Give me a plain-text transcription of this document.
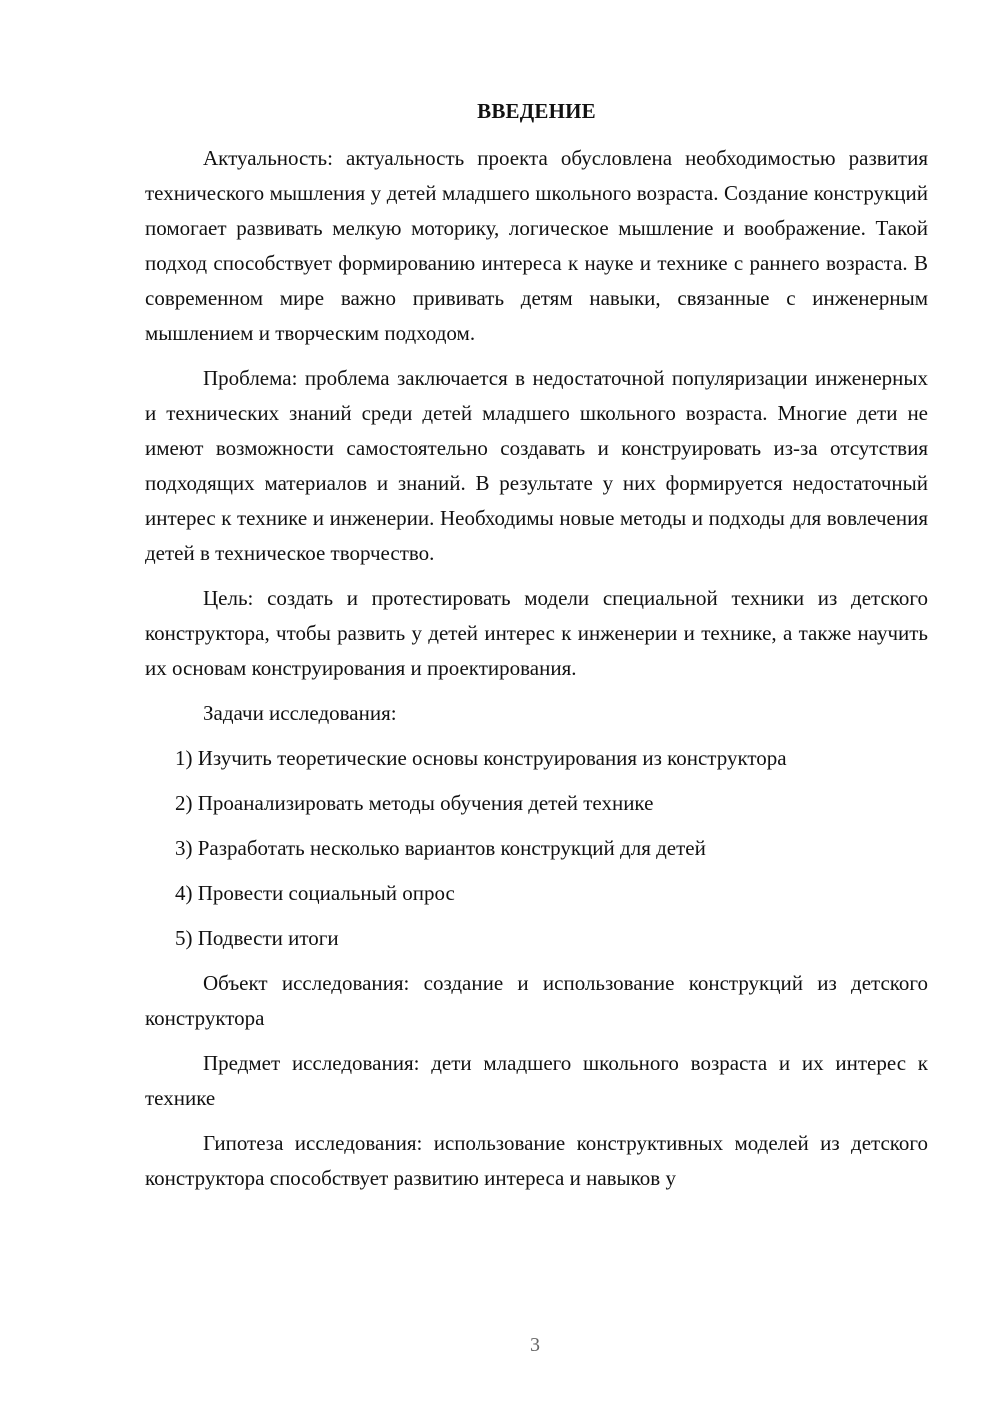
ВВЕДЕНИЕ

Актуальность: актуальность проекта обусловлена необходимостью развития технического мышления у детей младшего школьного возраста. Создание конструкций помогает развивать мелкую моторику, логическое мышление и воображение. Такой подход способствует формированию интереса к науке и технике с раннего возраста. В современном мире важно прививать детям навыки, связанные с инженерным мышлением и творческим подходом.

Проблема: проблема заключается в недостаточной популяризации инженерных и технических знаний среди детей младшего школьного возраста. Многие дети не имеют возможности самостоятельно создавать и конструировать из-за отсутствия подходящих материалов и знаний. В результате у них формируется недостаточный интерес к технике и инженерии. Необходимы новые методы и подходы для вовлечения детей в техническое творчество.

Цель: создать и протестировать модели специальной техники из детского конструктора, чтобы развить у детей интерес к инженерии и технике, а также научить их основам конструирования и проектирования.

Задачи исследования:

1) Изучить теоретические основы конструирования из конструктора
2) Проанализировать методы обучения детей технике
3) Разработать несколько вариантов конструкций для детей
4) Провести социальный опрос
5) Подвести итоги

Объект исследования: создание и использование конструкций из детского конструктора

Предмет исследования: дети младшего школьного возраста и их интерес к технике

Гипотеза исследования: использование конструктивных моделей из детского конструктора способствует развитию интереса и навыков у

3
